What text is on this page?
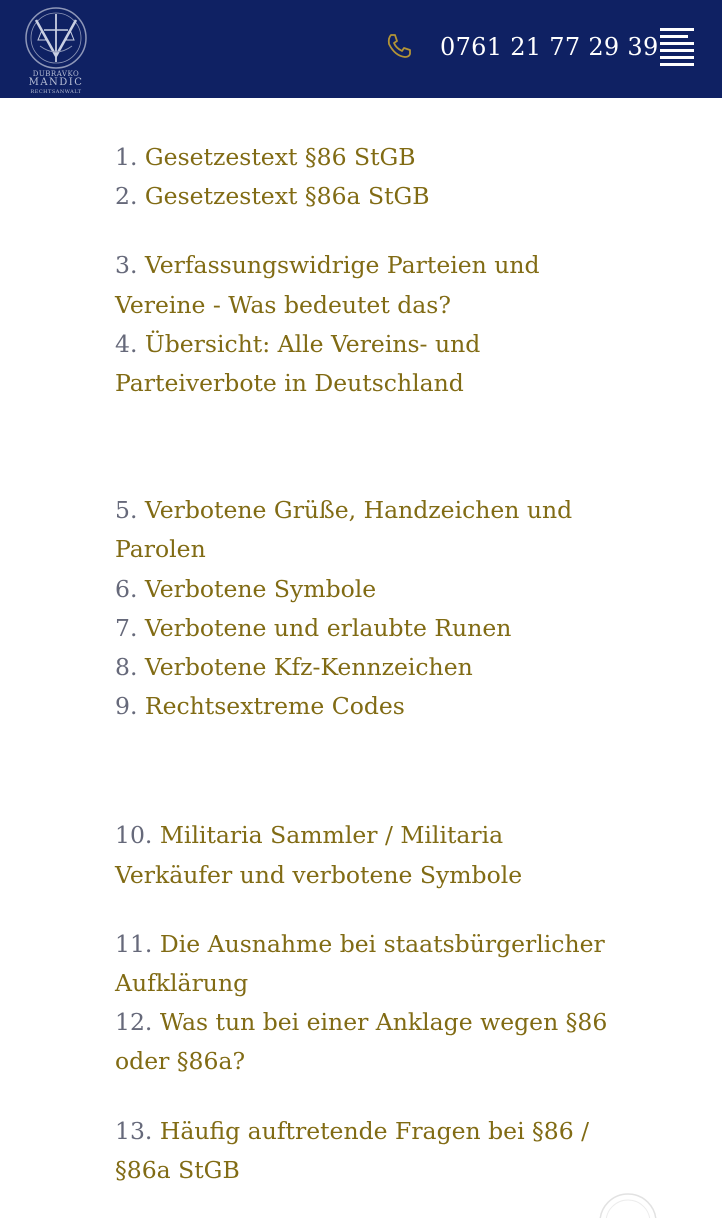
DUBRAVKO
MANDIC
RECHTSANWALT
0761 21 77 29 39
1. Gesetzestext §86 StGB
2. Gesetzestext §86a StGB
3. Verfassungswidrige Parteien und Vereine - Was bedeutet das?
4. Übersicht: Alle Vereins- und Parteiverbote in Deutschland
5. Verbotene Grüße, Handzeichen und Parolen
6. Verbotene Symbole
7. Verbotene und erlaubte Runen
8. Verbotene Kfz-Kennzeichen
9. Rechtsextreme Codes
10. Militaria Sammler / Militaria Verkäufer und verbotene Symbole
11. Die Ausnahme bei staatsbürgerlicher Aufklärung
12. Was tun bei einer Anklage wegen §86 oder §86a?
13. Häufig auftretende Fragen bei §86 / §86a StGB
